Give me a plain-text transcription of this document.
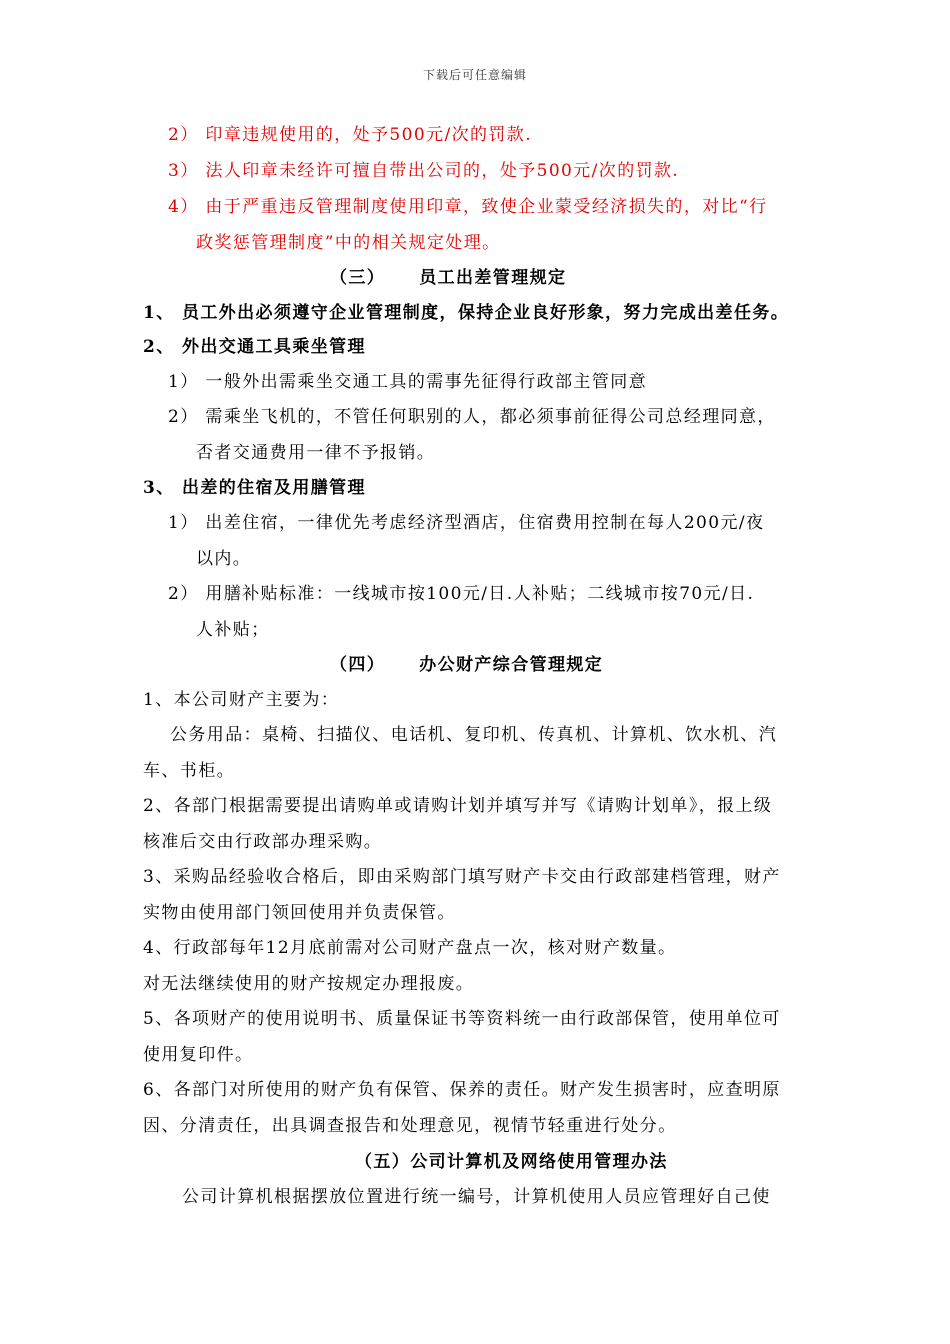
下载后可任意编辑
2） 印章违规使用的，处予500元/次的罚款.
3） 法人印章未经许可擅自带出公司的，处予500元/次的罚款.
4） 由于严重违反管理制度使用印章，致使企业蒙受经济损失的，对比“行
政奖惩管理制度”中的相关规定处理。
（三） 员工出差管理规定
1、 员工外出必须遵守企业管理制度，保持企业良好形象，努力完成出差任务。
2、 外出交通工具乘坐管理
1） 一般外出需乘坐交通工具的需事先征得行政部主管同意
2） 需乘坐飞机的，不管任何职别的人，都必须事前征得公司总经理同意，
否者交通费用一律不予报销。
3、 出差的住宿及用膳管理
1） 出差住宿，一律优先考虑经济型酒店，住宿费用控制在每人200元/夜
以内。
2） 用膳补贴标准：一线城市按100元/日.人补贴；二线城市按70元/日.
人补贴；
（四） 办公财产综合管理规定
1、本公司财产主要为：
公务用品：桌椅、扫描仪、电话机、复印机、传真机、计算机、饮水机、汽
车、书柜。
2、各部门根据需要提出请购单或请购计划并填写并写《请购计划单》，报上级
核准后交由行政部办理采购。
3、采购品经验收合格后，即由采购部门填写财产卡交由行政部建档管理，财产
实物由使用部门领回使用并负责保管。
4、行政部每年12月底前需对公司财产盘点一次，核对财产数量。
对无法继续使用的财产按规定办理报废。
5、各项财产的使用说明书、质量保证书等资料统一由行政部保管，使用单位可
使用复印件。
6、各部门对所使用的财产负有保管、保养的责任。财产发生损害时，应查明原
因、分清责任，出具调查报告和处理意见，视情节轻重进行处分。
（五）公司计算机及网络使用管理办法
公司计算机根据摆放位置进行统一编号，计算机使用人员应管理好自己使
